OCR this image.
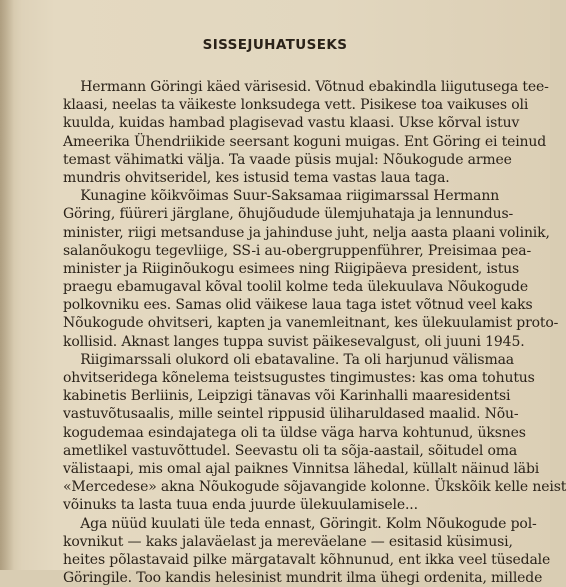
SISSEJUHATUSEKS
Hermann Göringi käed värisesid. Võtnud ebakindla liigutusega tee-
klaasi, neelas ta väikeste lonksudega vett. Pisikese toa vaikuses oli
kuulda, kuidas hambad plagisevad vastu klaasi. Ukse kõrval istuv
Ameerika Ühendriikide seersant koguni muigas. Ent Göring ei teinud
temast vähimatki välja. Ta vaade püsis mujal: Nõukogude armee
mundris ohvitseridel, kes istusid tema vastas laua taga.
Kunagine kõikvõimas Suur-Saksamaa riigimarssal Hermann
Göring, füüreri järglane, õhujõudude ülemjuhataja ja lennundus-
minister, riigi metsanduse ja jahinduse juht, nelja aasta plaani volinik,
salanõukogu tegevliige, SS-i au-obergruppenführer, Preisimaa pea-
minister ja Riiginõukogu esimees ning Riigipäeva president, istus
praegu ebamugaval kõval toolil kolme teda ülekuulava Nõukogude
polkovniku ees. Samas olid väikese laua taga istet võtnud veel kaks
Nõukogude ohvitseri, kapten ja vanemleitnant, kes ülekuulamist proto-
kollisid. Aknast langes tuppa suvist päikesevalgust, oli juuni 1945.
Riigimarssali olukord oli ebatavaline. Ta oli harjunud välismaa
ohvitseridega kõnelema teistsugustes tingimustes: kas oma tohutus
kabinetis Berliinis, Leipzigi tänavas või Karinhalli maaresidentsi
vastuvõtusaalis, mille seintel rippusid üliharuldased maalid. Nõu-
kogudemaa esindajatega oli ta üldse väga harva kohtunud, üksnes
ametlikel vastuvõttudel. Seevastu oli ta sõja-aastail, sõitudel oma
välistaapi, mis omal ajal paiknes Vinnitsa lähedal, küllalt näinud läbi
«Mercedese» akna Nõukogude sõjavangide kolonne. Ükskõik kelle neist
võinuks ta lasta tuua enda juurde ülekuulamisele...
Aga nüüd kuulati üle teda ennast, Göringit. Kolm Nõukogude pol-
kovnikut — kaks jalaväelast ja mereväelane — esitasid küsimusi,
heites põlastavaid pilke märgatavalt kõhnunud, ent ikka veel tüsedale
Göringile. Too kandis helesinist mundrit ilma ühegi ordenita, millede
